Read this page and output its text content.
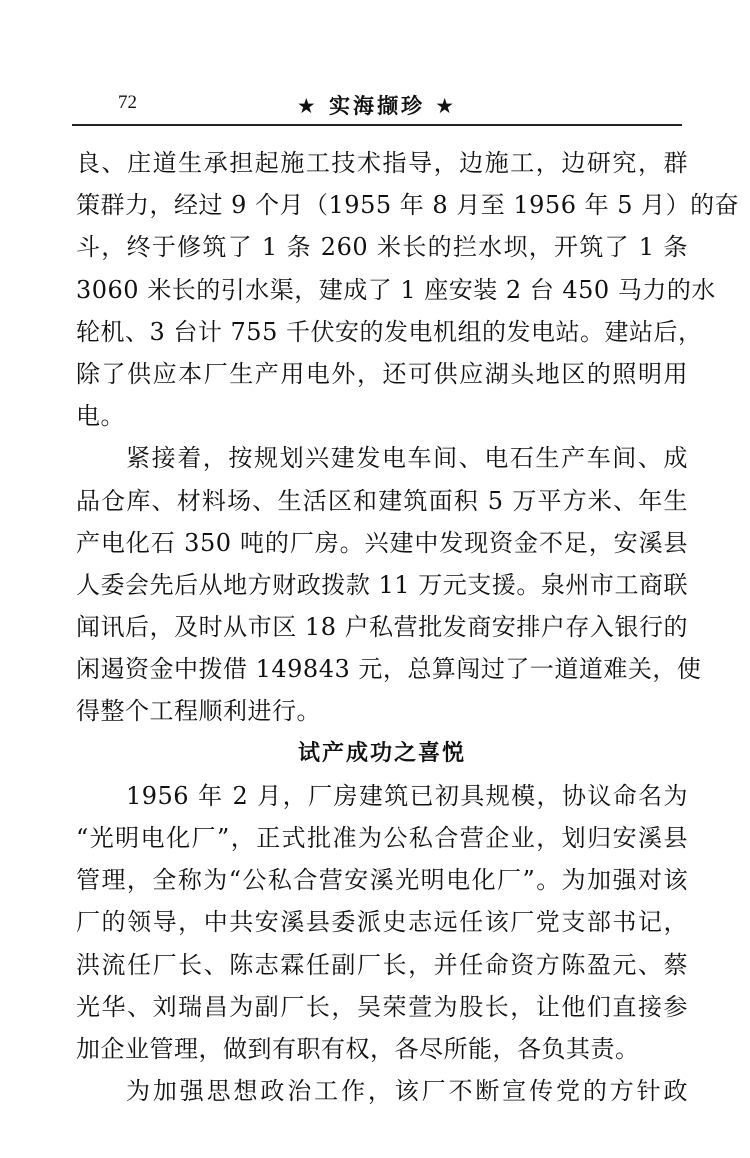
72	★ 实海撷珍 ★
良、庄道生承担起施工技术指导，边施工，边研究，群
策群力，经过 9 个月（1955 年 8 月至 1956 年 5 月）的奋
斗，终于修筑了 1 条 260 米长的拦水坝，开筑了 1 条
3060 米长的引水渠，建成了 1 座安装 2 台 450 马力的水
轮机、3 台计 755 千伏安的发电机组的发电站。建站后，
除了供应本厂生产用电外，还可供应湖头地区的照明用
电。
紧接着，按规划兴建发电车间、电石生产车间、成
品仓库、材料场、生活区和建筑面积 5 万平方米、年生
产电化石 350 吨的厂房。兴建中发现资金不足，安溪县
人委会先后从地方财政拨款 11 万元支援。泉州市工商联
闻讯后，及时从市区 18 户私营批发商安排户存入银行的
闲遏资金中拨借 149843 元，总算闯过了一道道难关，使
得整个工程顺利进行。
试产成功之喜悦
1956 年 2 月，厂房建筑已初具规模，协议命名为
“光明电化厂”，正式批准为公私合营企业，划归安溪县
管理，全称为“公私合营安溪光明电化厂”。为加强对该
厂的领导，中共安溪县委派史志远任该厂党支部书记，
洪流任厂长、陈志霖任副厂长，并任命资方陈盈元、蔡
光华、刘瑞昌为副厂长，吴荣萱为股长，让他们直接参
加企业管理，做到有职有权，各尽所能，各负其责。
为加强思想政治工作，该厂不断宣传党的方针政
